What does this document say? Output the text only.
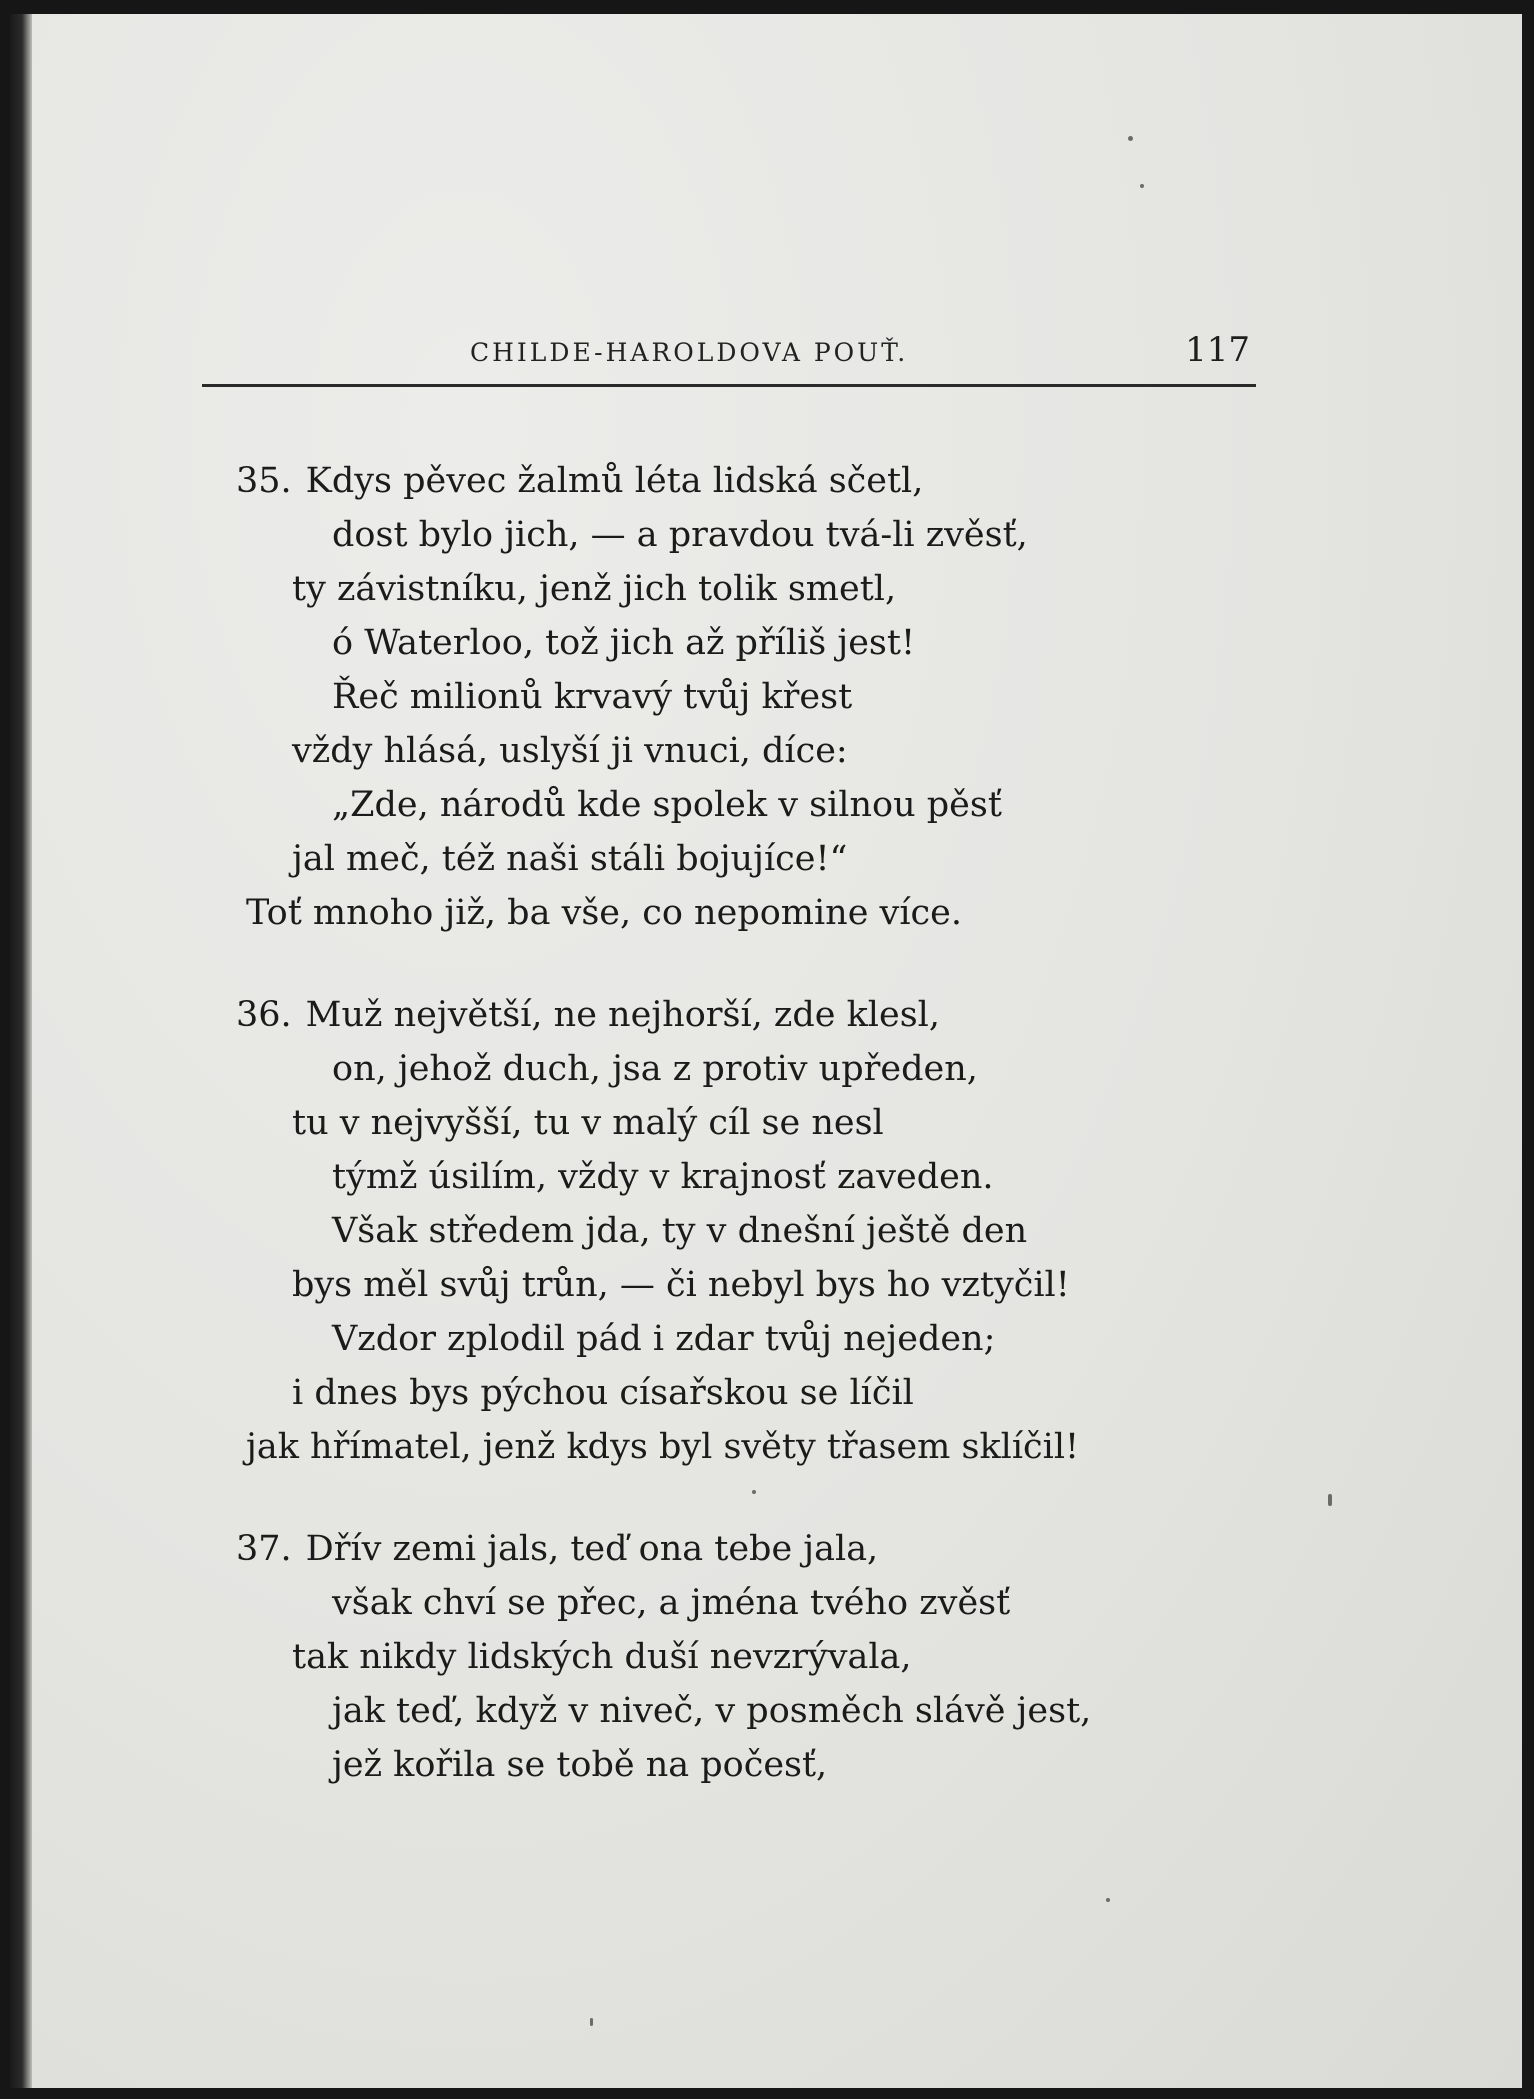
CHILDE-HAROLDOVA POUŤ.	117
35. Kdys pěvec žalmů léta lidská sčetl,
dost bylo jich, — a pravdou tvá-li zvěsť,
ty závistníku, jenž jich tolik smetl,
ó Waterloo, tož jich až příliš jest!
Řeč milionů krvavý tvůj křest
vždy hlásá, uslyší ji vnuci, díce:
„Zde, národů kde spolek v silnou pěsť
jal meč, též naši stáli bojujíce!“
Toť mnoho již, ba vše, co nepomine více.
36. Muž největší, ne nejhorší, zde klesl,
on, jehož duch, jsa z protiv upředen,
tu v nejvyšší, tu v malý cíl se nesl
týmž úsilím, vždy v krajnosť zaveden.
Však středem jda, ty v dnešní ještě den
bys měl svůj trůn, — či nebyl bys ho vztyčil!
Vzdor zplodil pád i zdar tvůj nejeden;
i dnes bys pýchou císařskou se líčil
jak hřímatel, jenž kdys byl světy třasem sklíčil!
37. Dřív zemi jals, teď ona tebe jala,
však chví se přec, a jména tvého zvěsť
tak nikdy lidských duší nevzrývala,
jak teď, když v niveč, v posměch slávě jest,
jež kořila se tobě na počesť,
